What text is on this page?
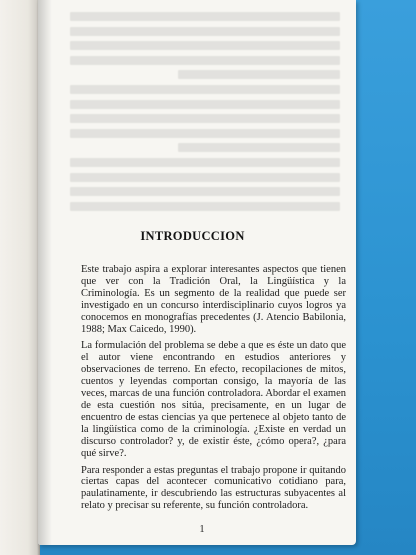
INTRODUCCION

Este trabajo aspira a explorar interesantes aspectos que tienen que ver con la Tradición Oral, la Lingüística y la Criminología. Es un segmento de la realidad que puede ser investigado en un concurso interdisciplinario cuyos logros ya conocemos en monografías precedentes (J. Atencio Babilonia, 1988; Max Caicedo, 1990).

La formulación del problema se debe a que es éste un dato que el autor viene encontrando en estudios anteriores y observaciones de terreno. En efecto, recopilaciones de mitos, cuentos y leyendas comportan consigo, la mayoría de las veces, marcas de una función controladora. Abordar el examen de esta cuestión nos sitúa, precisamente, en un lugar de encuentro de estas ciencias ya que pertenece al objeto tanto de la lingüística como de la criminología. ¿Existe en verdad un discurso controlador? y, de existir éste, ¿cómo opera?, ¿para qué sirve?.

Para responder a estas preguntas el trabajo propone ir quitando ciertas capas del acontecer comunicativo cotidiano para, paulatinamente, ir descubriendo las estructuras subyacentes al relato y precisar su referente, su función controladora.

1
